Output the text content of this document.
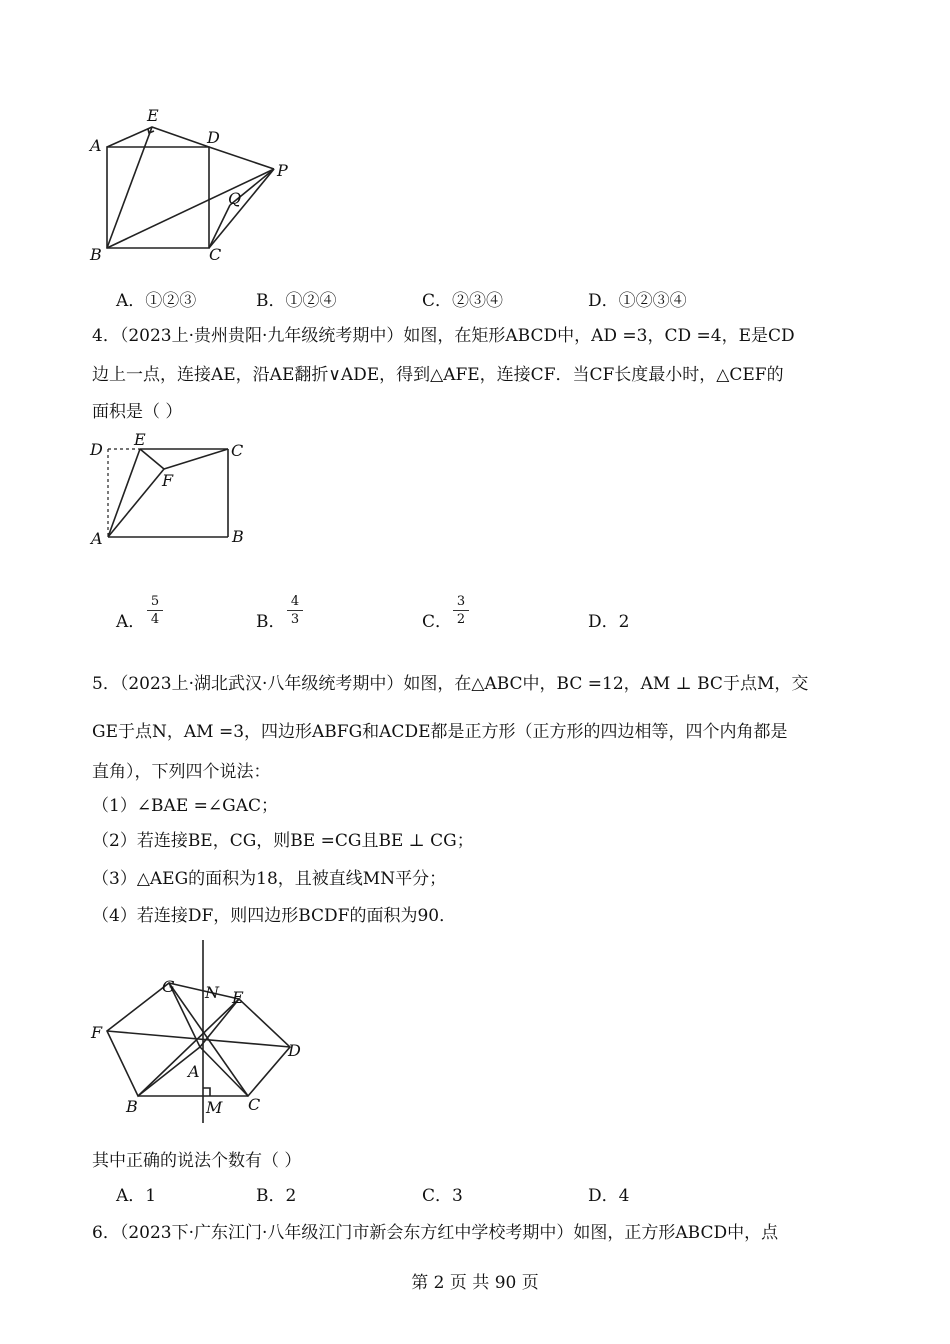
A
E
D
P
Q
B	C
A．①②③	B．①②④	C．②③④	D．①②③④
4．（2023上·贵州贵阳·九年级统考期中）如图，在矩形ABCD中，AD =3，CD =4，E是CD
边上一点，连接AE，沿AE翻折∨ADE，得到△AFE，连接CF．当CF长度最小时，△CEF的
面积是（ ）
D
E
C
F
A	B
A． $\frac{5}{4}$	B． $\frac{4}{3}$	C． $\frac{3}{2}$	D．2
5．（2023上·湖北武汉·八年级统考期中）如图，在△ABC中，BC =12，AM ⊥ BC于点M，交
GE于点N，AM =3，四边形ABFG和ACDE都是正方形（正方形的四边相等，四个内角都是
直角），下列四个说法：
（1）∠BAE =∠GAC；
（2）若连接BE，CG，则BE =CG且BE ⊥ CG；
（3）△AEG的面积为18，且被直线MN平分；
（4）若连接DF，则四边形BCDF的面积为90．
G N E
F
D
A
B	M C
其中正确的说法个数有（ ）
A．1	B．2	C．3	D．4
6．（2023下·广东江门·八年级江门市新会东方红中学校考期中）如图，正方形ABCD中，点
第 2 页 共 90 页
